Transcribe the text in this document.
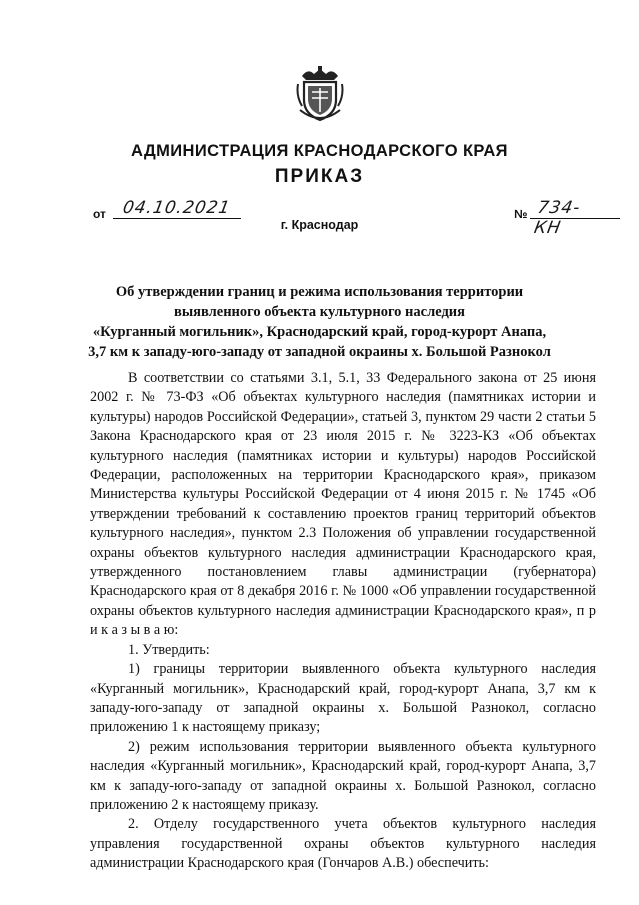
АДМИНИСТРАЦИЯ КРАСНОДАРСКОГО КРАЯ
ПРИКАЗ
от 04.10.2021	№ 734-КН
г. Краснодар
Об утверждении границ и режима использования территории
выявленного объекта культурного наследия
«Курганный могильник», Краснодарский край, город-курорт Анапа,
3,7 км к западу-юго-западу от западной окраины х. Большой Разнокол

В соответствии со статьями 3.1, 5.1, 33 Федерального закона от 25 июня 2002 г. № 73-ФЗ «Об объектах культурного наследия (памятниках истории и культуры) народов Российской Федерации», статьей 3, пунктом 29 части 2 статьи 5 Закона Краснодарского края от 23 июля 2015 г. № 3223-КЗ «Об объектах культурного наследия (памятниках истории и культуры) народов Российской Федерации, расположенных на территории Краснодарского края», приказом Министерства культуры Российской Федерации от 4 июня 2015 г. № 1745 «Об утверждении требований к составлению проектов границ территорий объектов культурного наследия», пунктом 2.3 Положения об управлении государственной охраны объектов культурного наследия администрации Краснодарского края, утвержденного постановлением главы администрации (губернатора) Краснодарского края от 8 декабря 2016 г. № 1000 «Об управлении государственной охраны объектов культурного наследия администрации Краснодарского края», п р и к а з ы в а ю:

1. Утвердить:

1) границы территории выявленного объекта культурного наследия «Курганный могильник», Краснодарский край, город-курорт Анапа, 3,7 км к западу-юго-западу от западной окраины х. Большой Разнокол, согласно приложению 1 к настоящему приказу;

2) режим использования территории выявленного объекта культурного наследия «Курганный могильник», Краснодарский край, город-курорт Анапа, 3,7 км к западу-юго-западу от западной окраины х. Большой Разнокол, согласно приложению 2 к настоящему приказу.

2. Отделу государственного учета объектов культурного наследия управления государственной охраны объектов культурного наследия администрации Краснодарского края (Гончаров А.В.) обеспечить:
